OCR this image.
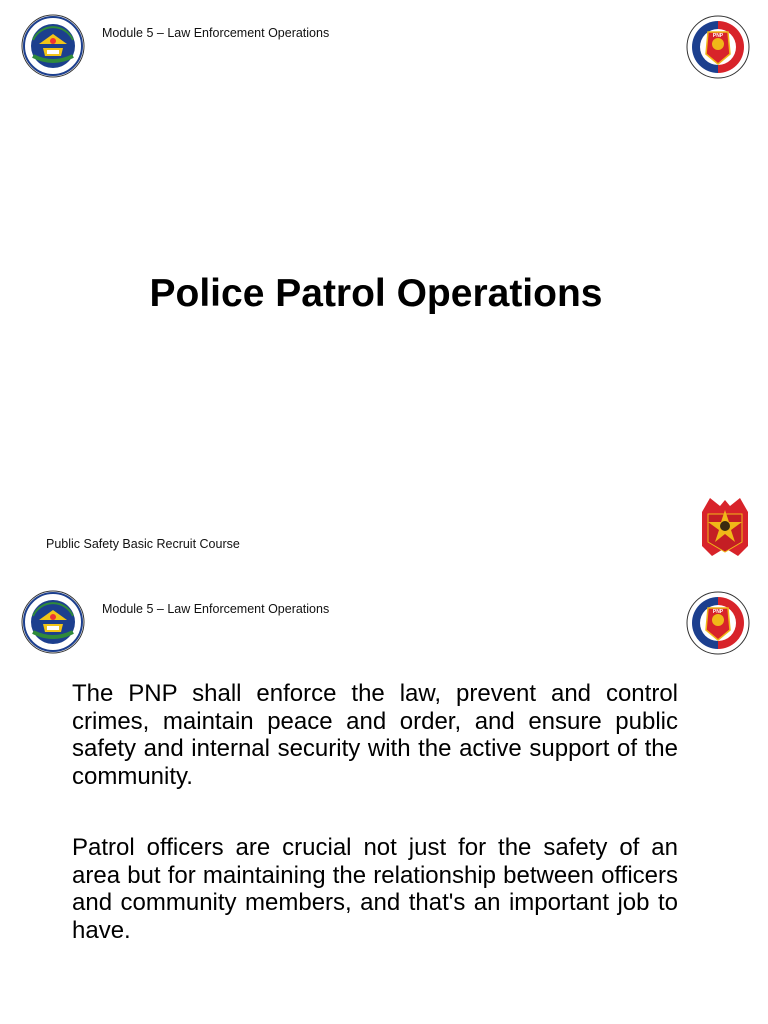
Module 5 – Law Enforcement Operations	PNP
Police Patrol Operations
Public Safety Basic Recruit Course
Module 5 – Law Enforcement Operations	PNP
The PNP shall enforce the law, prevent and control crimes, maintain peace and order, and ensure public safety and internal security with the active support of the community.
Patrol officers are crucial not just for the safety of an area but for maintaining the relationship between officers and community members, and that's an important job to have.
